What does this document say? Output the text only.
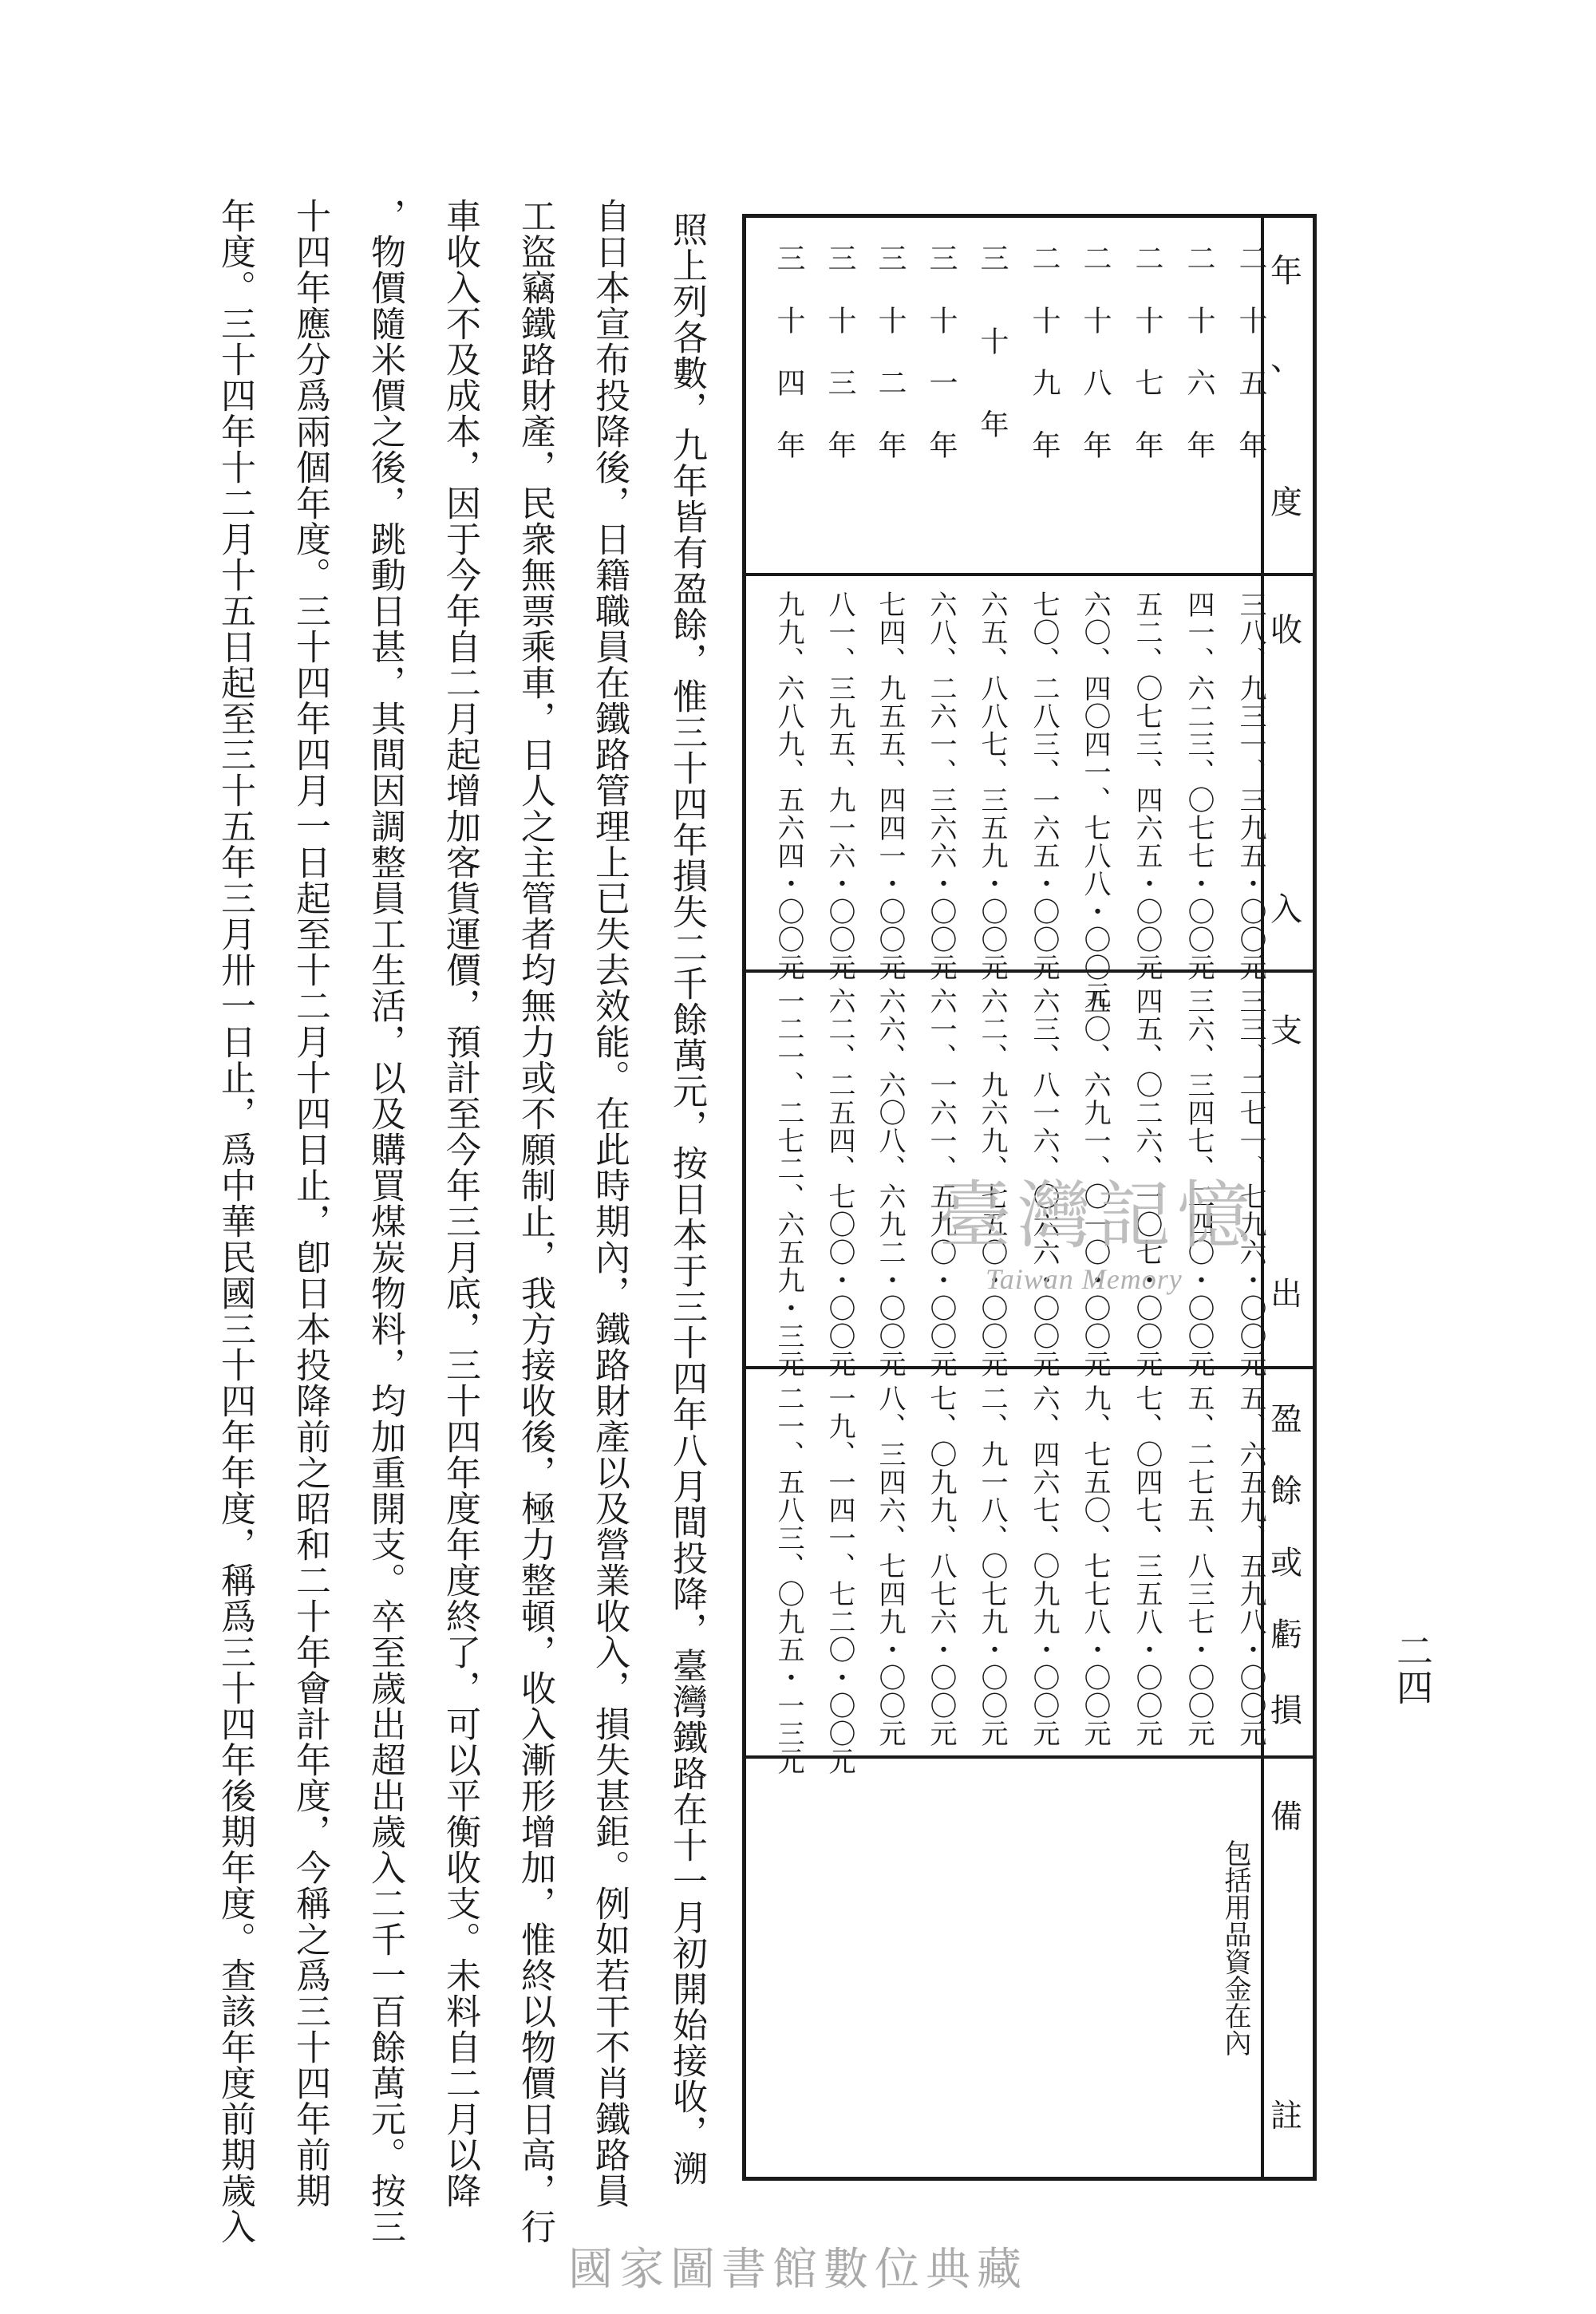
二四
年
、
度
收
入
支
出
盈
餘
或
虧
損
備
註
二十五年
三八、九三一、三九五・〇〇元
三三、二七一、七九六・〇〇元
五、六五九、五九八・〇〇元
包括用品資金在內
二十六年
四一、六二三、〇七七・〇〇元
三六、三四七、二四〇・〇〇元
五、二七五、八三七・〇〇元
二十七年
五二、〇七三、四六五・〇〇元
四五、〇二六、一〇七・〇〇元
七、〇四七、三五八・〇〇元
二十八年
六〇、四〇四一、七八八・〇〇元
五〇、六九一、〇一〇・〇〇元
九、七五〇、七七八・〇〇元
二十九年
七〇、二八三、一六五・〇〇元
六三、八一六、〇六六・〇〇元
六、四六七、〇九九・〇〇元
三十年
六五、八八七、三五九・〇〇元
六二、九六九、七五〇・〇〇元
二、九一八、〇七九・〇〇元
三十一年
六八、二六一、三六六・〇〇元
六一、一六一、五九〇・〇〇元
七、〇九九、八七六・〇〇元
三十二年
七四、九五五、四四一・〇〇元
六六、六〇八、六九二・〇〇元
八、三四六、七四九・〇〇元
三十三年
八一、三九五、九一六・〇〇元
六二、二五四、七〇〇・〇〇元
一九、一四一、七二〇・〇〇元
三十四年
九九、六八九、五六四・〇〇元
一二一、二七二、六五九・三元
二一、五八三、〇九五・一三元
照上列各數，九年皆有盈餘，惟三十四年損失二千餘萬元，按日本于三十四年八月間投降，臺灣鐵路在十一月初開始接收，溯
自日本宣布投降後，日籍職員在鐵路管理上已失去效能。在此時期內，鐵路財產以及營業收入，損失甚鉅。例如若干不肖鐵路員
工盜竊鐵路財產，民衆無票乘車，日人之主管者均無力或不願制止，我方接收後，極力整頓，收入漸形增加，惟終以物價日高，行
車收入不及成本，因于今年自二月起增加客貨運價，預計至今年三月底，三十四年度年度終了，可以平衡收支。未料自二月以降
，物價隨米價之後，跳動日甚，其間因調整員工生活，以及購買煤炭物料，均加重開支。卒至歲出超出歲入二千一百餘萬元。按三
十四年應分爲兩個年度。三十四年四月一日起至十二月十四日止，卽日本投降前之昭和二十年會計年度，今稱之爲三十四年前期
年度。三十四年十二月十五日起至三十五年三月卅一日止，爲中華民國三十四年年度，稱爲三十四年後期年度。查該年度前期歲入	臺灣記憶
Taiwan Memory
國家圖書館數位典藏
